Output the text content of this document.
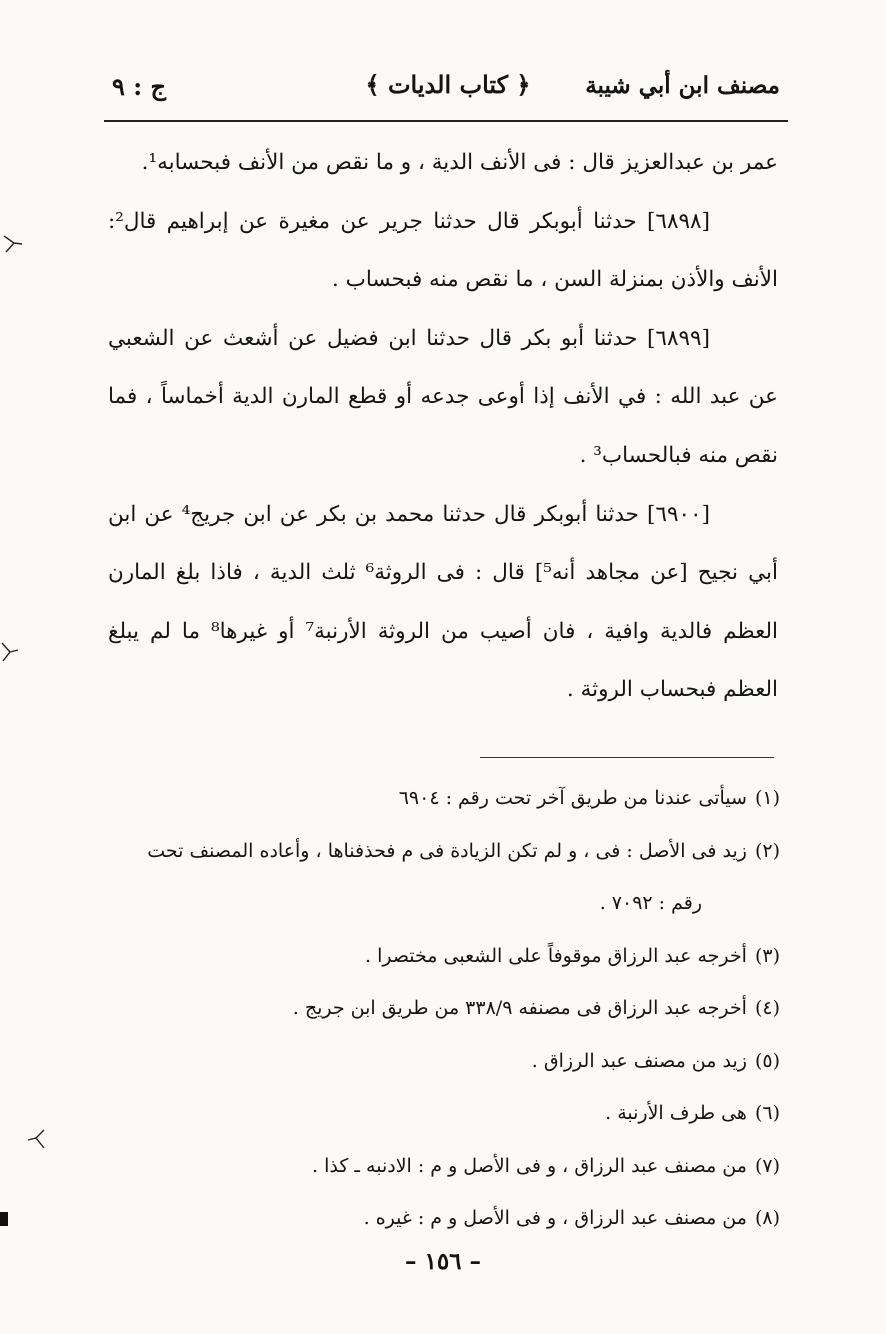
مصنف ابن أبي شيبة
﴿ كتاب الديات ﴾
ج : ٩

عمر بن عبدالعزيز قال : فى الأنف الدية ، و ما نقص من الأنف فبحسابه¹.

[٦٨٩٨] حدثنا أبوبكر قال حدثنا جرير عن مغيرة عن إبراهيم قال²: الأنف والأذن بمنزلة السن ، ما نقص منه فبحساب .

[٦٨٩٩] حدثنا أبو بكر قال حدثنا ابن فضيل عن أشعث عن الشعبي عن عبد الله : في الأنف إذا أوعى جدعه أو قطع المارن الدية أخماساً ، فما نقص منه فبالحساب³ .

[٦٩٠٠] حدثنا أبوبكر قال حدثنا محمد بن بكر عن ابن جريج⁴ عن ابن أبي نجيح [عن مجاهد أنه⁵] قال : فى الروثة⁶ ثلث الدية ، فاذا بلغ المارن العظم فالدية وافية ، فان أصيب من الروثة الأرنبة⁷ أو غيرها⁸ ما لم يبلغ العظم فبحساب الروثة .

(١)سيأتى عندنا من طريق آخر تحت رقم : ٦٩٠٤

(٢)زيد فى الأصل : فى ، و لم تكن الزيادة فى م فحذفناها ، وأعاده المصنف تحت

رقم : ٧٠٩٢ .

(٣)أخرجه عبد الرزاق موقوفاً على الشعبى مختصرا .

(٤)أخرجه عبد الرزاق فى مصنفه ٣٣٨/٩ من طريق ابن جريج .

(٥)زيد من مصنف عبد الرزاق .

(٦)هى طرف الأرنبة .

(٧)من مصنف عبد الرزاق ، و فى الأصل و م : الادنبه ـ كذا .

(٨)من مصنف عبد الرزاق ، و فى الأصل و م : غيره .

– ١٥٦ –
